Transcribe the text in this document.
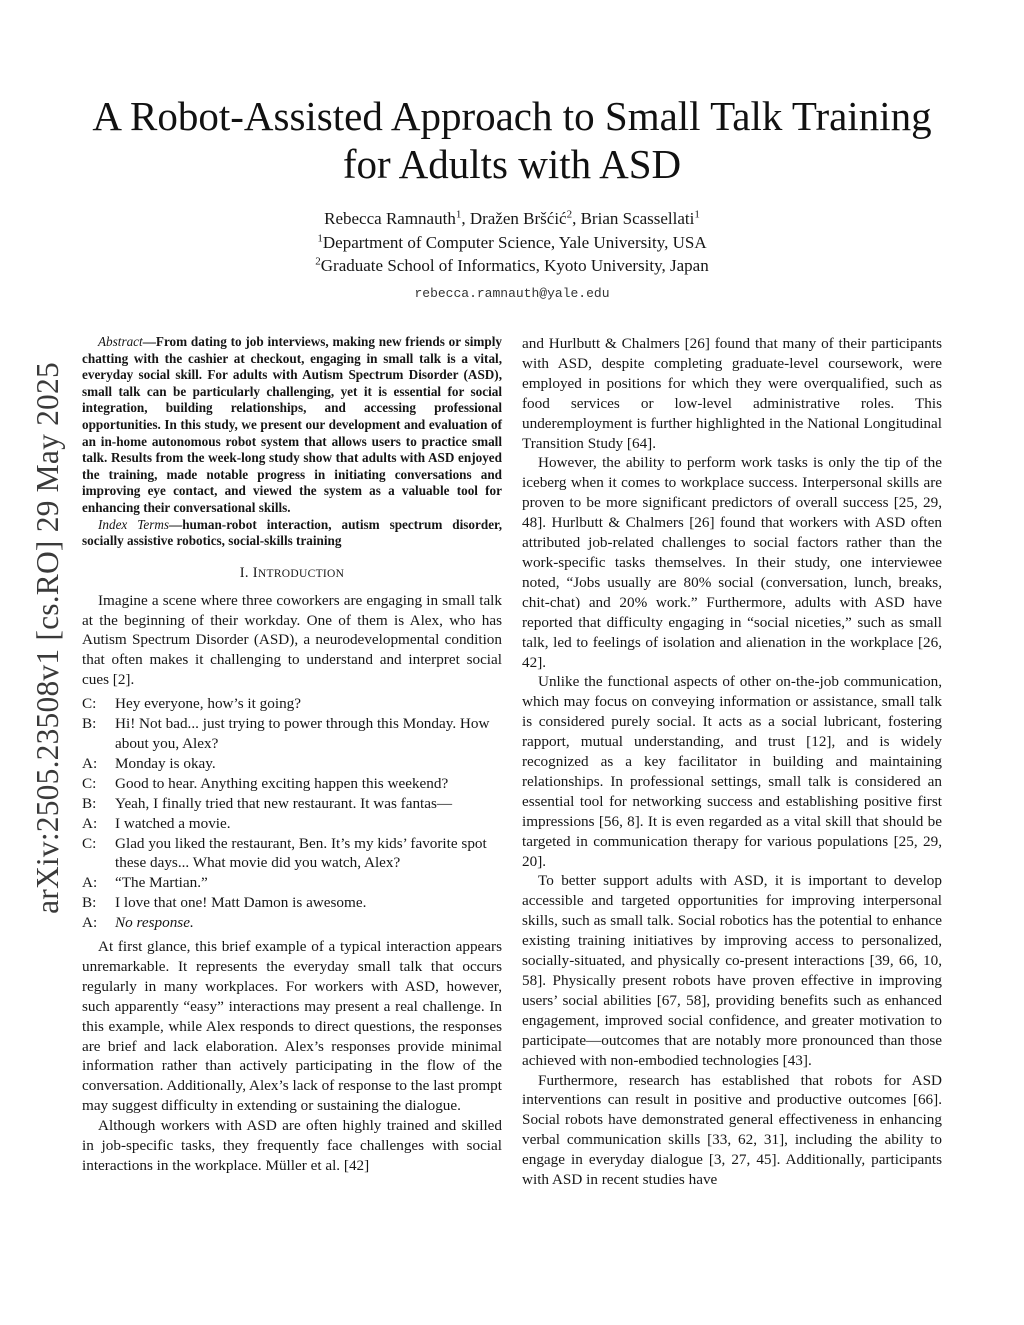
arXiv:2505.23508v1 [cs.RO] 29 May 2025
A Robot-Assisted Approach to Small Talk Training
for Adults with ASD
Rebecca Ramnauth$^1$, Dražen Bršćić$^2$, Brian Scassellati$^1$
$^1$Department of Computer Science, Yale University, USA
$^2$Graduate School of Informatics, Kyoto University, Japan
rebecca.ramnauth@yale.edu

Abstract—From dating to job interviews, making new friends or simply chatting with the cashier at checkout, engaging in small talk is a vital, everyday social skill. For adults with Autism Spectrum Disorder (ASD), small talk can be particularly challenging, yet it is essential for social integration, building relationships, and accessing professional opportunities. In this study, we present our development and evaluation of an in-home autonomous robot system that allows users to practice small talk. Results from the week-long study show that adults with ASD enjoyed the training, made notable progress in initiating conversations and improving eye contact, and viewed the system as a valuable tool for enhancing their conversational skills.

Index Terms—human-robot interaction, autism spectrum disorder, socially assistive robotics, social-skills training

I. INTRODUCTION

Imagine a scene where three coworkers are engaging in small talk at the beginning of their workday. One of them is Alex, who has Autism Spectrum Disorder (ASD), a neurodevelopmental condition that often makes it challenging to understand and interpret social cues [2].

C:	Hey everyone, how’s it going?
B:	Hi! Not bad... just trying to power through this Monday. How about you, Alex?
A:	Monday is okay.
C:	Good to hear. Anything exciting happen this weekend?
B:	Yeah, I finally tried that new restaurant. It was fantas—
A:	I watched a movie.
C:	Glad you liked the restaurant, Ben. It’s my kids’ favorite spot these days... What movie did you watch, Alex?
A:	“The Martian.”
B:	I love that one! Matt Damon is awesome.
A:	No response.

At first glance, this brief example of a typical interaction appears unremarkable. It represents the everyday small talk that occurs regularly in many workplaces. For workers with ASD, however, such apparently “easy” interactions may present a real challenge. In this example, while Alex responds to direct questions, the responses are brief and lack elaboration. Alex’s responses provide minimal information rather than actively participating in the flow of the conversation. Additionally, Alex’s lack of response to the last prompt may suggest difficulty in extending or sustaining the dialogue.

Although workers with ASD are often highly trained and skilled in job-specific tasks, they frequently face challenges with social interactions in the workplace. Müller et al. [42]

and Hurlbutt & Chalmers [26] found that many of their participants with ASD, despite completing graduate-level coursework, were employed in positions for which they were overqualified, such as food services or low-level administrative roles. This underemployment is further highlighted in the National Longitudinal Transition Study [64].

However, the ability to perform work tasks is only the tip of the iceberg when it comes to workplace success. Interpersonal skills are proven to be more significant predictors of overall success [25, 29, 48]. Hurlbutt & Chalmers [26] found that workers with ASD often attributed job-related challenges to social factors rather than the work-specific tasks themselves. In their study, one interviewee noted, “Jobs usually are 80% social (conversation, lunch, breaks, chit-chat) and 20% work.” Furthermore, adults with ASD have reported that difficulty engaging in “social niceties,” such as small talk, led to feelings of isolation and alienation in the workplace [26, 42].

Unlike the functional aspects of other on-the-job communication, which may focus on conveying information or assistance, small talk is considered purely social. It acts as a social lubricant, fostering rapport, mutual understanding, and trust [12], and is widely recognized as a key facilitator in building and maintaining relationships. In professional settings, small talk is considered an essential tool for networking success and establishing positive first impressions [56, 8]. It is even regarded as a vital skill that should be targeted in communication therapy for various populations [25, 29, 20].

To better support adults with ASD, it is important to develop accessible and targeted opportunities for improving interpersonal skills, such as small talk. Social robotics has the potential to enhance existing training initiatives by improving access to personalized, socially-situated, and physically co-present interactions [39, 66, 10, 58]. Physically present robots have proven effective in improving users’ social abilities [67, 58], providing benefits such as enhanced engagement, improved social confidence, and greater motivation to participate—outcomes that are notably more pronounced than those achieved with non-embodied technologies [43].

Furthermore, research has established that robots for ASD interventions can result in positive and productive outcomes [66]. Social robots have demonstrated general effectiveness in enhancing verbal communication skills [33, 62, 31], including the ability to engage in everyday dialogue [3, 27, 45]. Additionally, participants with ASD in recent studies have
